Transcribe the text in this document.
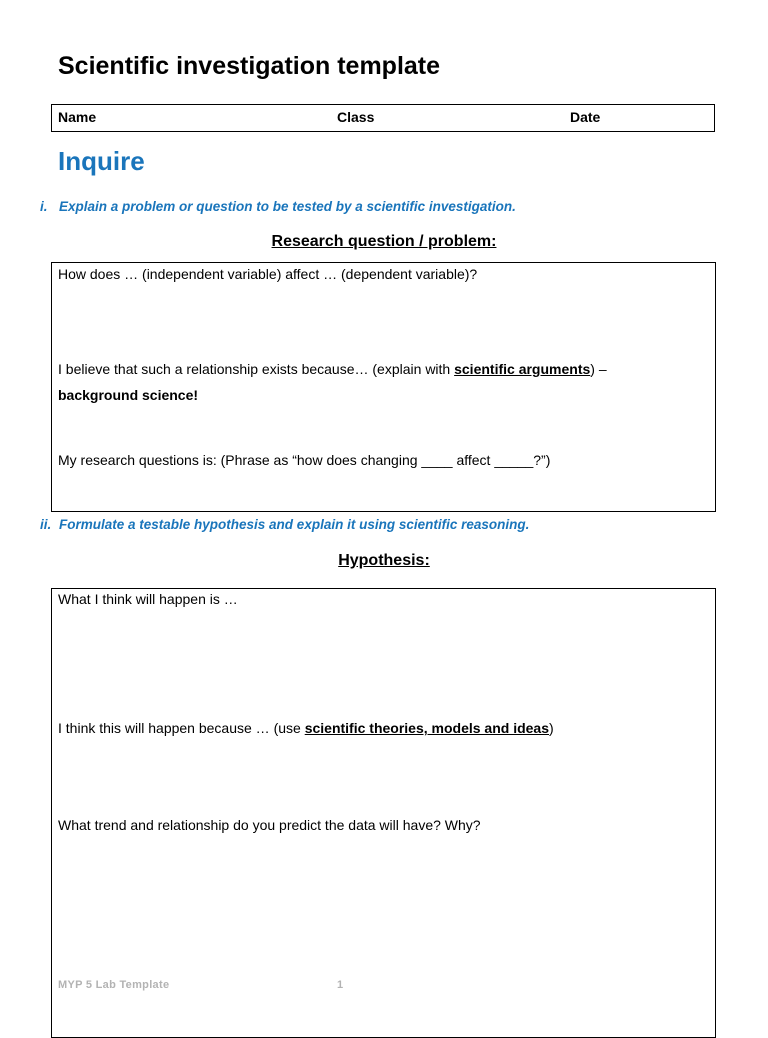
Scientific investigation template
Name	Class	Date
Inquire
i. Explain a problem or question to be tested by a scientific investigation.
Research question / problem:
How does … (independent variable) affect … (dependent variable)?
I believe that such a relationship exists because… (explain with scientific arguments) –
background science!
My research questions is: (Phrase as “how does changing ____ affect _____?”)
ii. Formulate a testable hypothesis and explain it using scientific reasoning.
Hypothesis:
What I think will happen is …
I think this will happen because … (use scientific theories, models and ideas)
What trend and relationship do you predict the data will have? Why?
MYP 5 Lab Template	1
